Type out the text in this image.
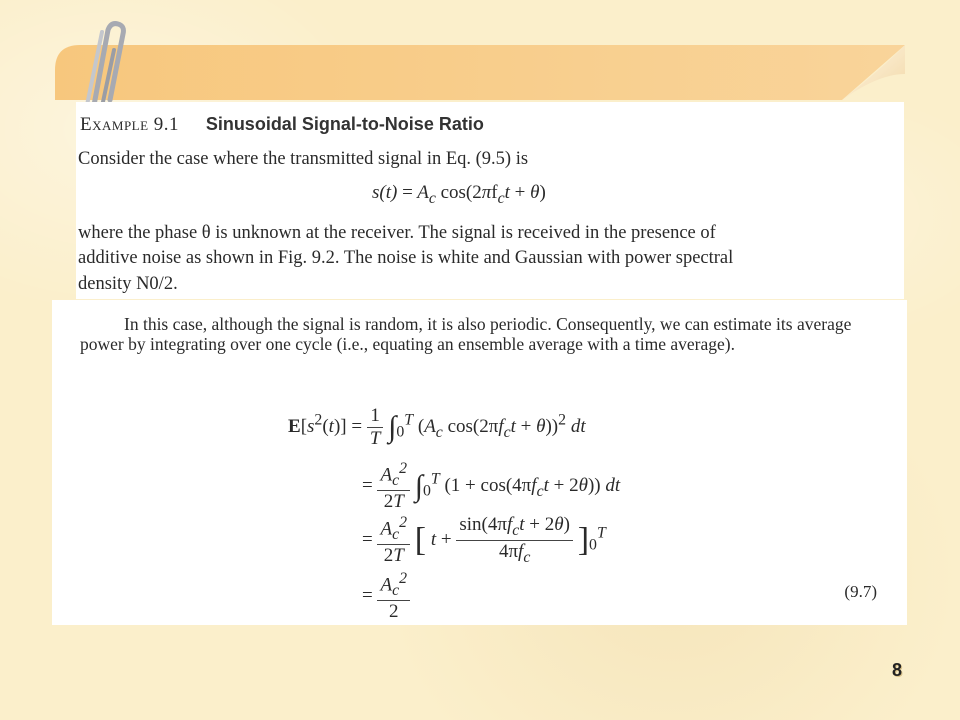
Example 9.1 Sinusoidal Signal-to-Noise Ratio
Consider the case where the transmitted signal in Eq. (9.5) is
$s(t) = A_c$ $\cos(2\pi f_ct + \theta)$
where the phase θ is unknown at the receiver. The signal is received in the presence of
additive noise as shown in Fig. 9.2. The noise is white and Gaussian with power spectral
density N0/2.
In this case, although the signal is random, it is also periodic. Consequently, we can estimate its average power by integrating over one cycle (i.e., equating an ensemble average with a time average).
$E[s^2(t)] = \frac{1}{T} \int_0^T$ ($A_c$ $\cos(2\pi f_ct + \theta))^2$ dt
= $\frac{A_c^2}{2T} \int_0^T$ $(1 + \cos(4\pi f_ct + 2\theta))$ dt
= $\frac{A_c^2}{2T}$ [ $t + \frac{\sin(4\pi f_ct + 2\theta)}{4\pi f_c} ]_0^T$
= $\frac{A_c^2}{2}$	(9.7)
8
